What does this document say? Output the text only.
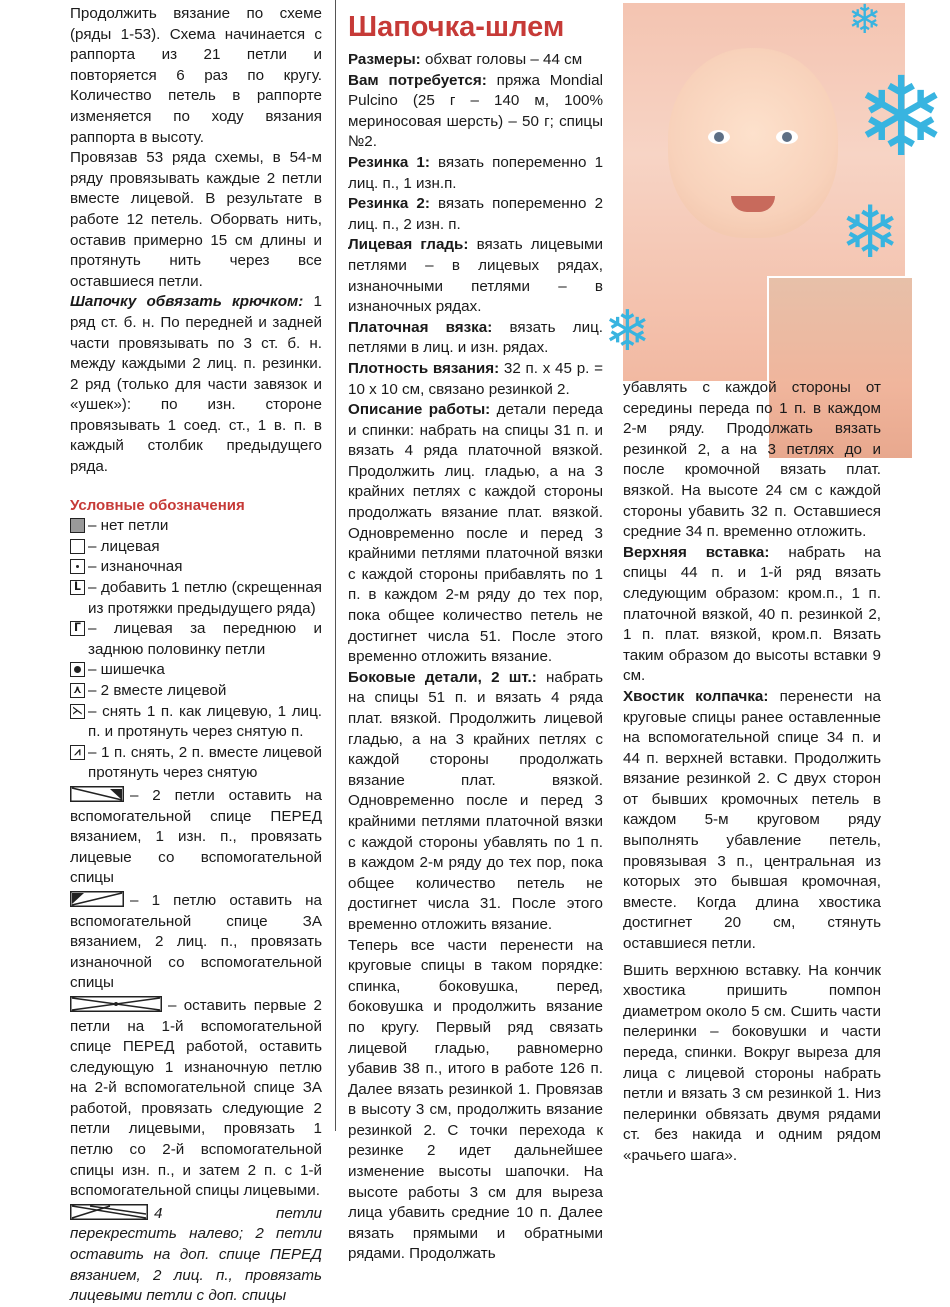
Продолжить вязание по схеме (ряды 1-53). Схема начинается с раппорта из 21 петли и повторяется 6 раз по кругу. Количество петель в раппорте изменяется по ходу вязания раппорта в высоту.

Провязав 53 ряда схемы, в 54-м ряду провязывать каждые 2 петли вместе лицевой. В результате в работе 12 петель. Оборвать нить, оставив примерно 15 см длины и протянуть нить через все оставшиеся петли.

Шапочку обвязать крючком: 1 ряд ст. б. н. По передней и задней части провязывать по 3 ст. б. н. между каждыми 2 лиц. п. резинки. 2 ряд (только для части завязок и «ушек»): по изн. стороне провязывать 1 соед. ст., 1 в. п. в каждый столбик предыдущего ряда.

Условные обозначения

– нет петли
– лицевая
– изнаночная
ᒪ – добавить 1 петлю (скрещенная из протяжки предыдущего ряда)
ᒥ – лицевая за переднюю и заднюю половинку петли
– шишечка
⋏ – 2 вместе лицевой
⋋ – снять 1 п. как лицевую, 1 лиц. п. и протянуть через снятую п.
⩘ – 1 п. снять, 2 п. вместе лицевой протянуть через снятую

– 2 петли оставить на вспомогательной спице ПЕРЕД вязанием, 1 изн. п., провязать лицевые со вспомогательной спицы

– 1 петлю оставить на вспомогательной спице ЗА вязанием, 2 лиц. п., провязать изнаночной со вспомогательной спицы

– оставить первые 2 петли на 1-й вспомогательной спице ПЕРЕД работой, оставить следующую 1 изнаночную петлю на 2-й вспомогательной спице ЗА работой, провязать следующие 2 петли лицевыми, провязать 1 петлю со 2-й вспомогательной спицы изн. п., и затем 2 п. с 1-й вспомогательной спицы лицевыми.

4 петли перекрестить налево; 2 петли оставить на доп. спице ПЕРЕД вязанием, 2 лиц. п., провязать лицевыми петли с доп. спицы

Шапочка-шлем

Размеры: обхват головы – 44 см

Вам потребуется: пряжа Mondial Pulcino (25 г – 140 м, 100% мериносовая шерсть) – 50 г; спицы №2.

Резинка 1: вязать попеременно 1 лиц. п., 1 изн.п.

Резинка 2: вязать попеременно 2 лиц. п., 2 изн. п.

Лицевая гладь: вязать лицевыми петлями – в лицевых рядах, изнаночными петлями – в изнаночных рядах.

Платочная вязка: вязать лиц. петлями в лиц. и изн. рядах.

Плотность вязания: 32 п. х 45 р. = 10 х 10 см, связано резинкой 2.

Описание работы: детали переда и спинки: набрать на спицы 31 п. и вязать 4 ряда платочной вязкой. Продолжить лиц. гладью, а на 3 крайних петлях с каждой стороны продолжать вязание плат. вязкой. Одновременно после и перед 3 крайними петлями платочной вязки с каждой стороны прибавлять по 1 п. в каждом 2-м ряду до тех пор, пока общее количество петель не достигнет числа 51. После этого временно отложить вязание.

Боковые детали, 2 шт.: набрать на спицы 51 п. и вязать 4 ряда плат. вязкой. Продолжить лицевой гладью, а на 3 крайних петлях с каждой стороны продолжать вязание плат. вязкой. Одновременно после и перед 3 крайними петлями платочной вязки с каждой стороны убавлять по 1 п. в каждом 2-м ряду до тех пор, пока общее количество петель не достигнет числа 31. После этого временно отложить вязание.

Теперь все части перенести на круговые спицы в таком порядке: спинка, боковушка, перед, боковушка и продолжить вязание по кругу. Первый ряд связать лицевой гладью, равномерно убавив 38 п., итого в работе 126 п. Далее вязать резинкой 1. Провязав в высоту 3 см, продолжить вязание резинкой 2. С точки перехода к резинке 2 идет дальнейшее изменение высоты шапочки. На высоте работы 3 см для выреза лица убавить средние 10 п. Далее вязать прямыми и обратными рядами. Продолжать

❄
❄
❄
❄

убавлять с каждой стороны от середины переда по 1 п. в каждом 2-м ряду. Продолжать вязать резинкой 2, а на 3 петлях до и после кромочной вязать плат. вязкой. На высоте 24 см с каждой стороны убавить 32 п. Оставшиеся средние 34 п. временно отложить.

Верхняя вставка: набрать на спицы 44 п. и 1-й ряд вязать следующим образом: кром.п., 1 п. платочной вязкой, 40 п. резинкой 2, 1 п. плат. вязкой, кром.п. Вязать таким образом до высоты вставки 9 см.

Хвостик колпачка: перенести на круговые спицы ранее оставленные на вспомогательной спице 34 п. и 44 п. верхней вставки. Продолжить вязание резинкой 2. С двух сторон от бывших кромочных петель в каждом 5-м круговом ряду выполнять убавление петель, провязывая 3 п., центральная из которых это бывшая кромочная, вместе. Когда длина хвостика достигнет 20 см, стянуть оставшиеся петли.

Вшить верхнюю вставку. На кончик хвостика пришить помпон диаметром около 5 см. Сшить части пелеринки – боковушки и части переда, спинки. Вокруг выреза для лица с лицевой стороны набрать петли и вязать 3 см резинкой 1. Низ пелеринки обвязать двумя рядами ст. без накида и одним рядом «рачьего шага».
